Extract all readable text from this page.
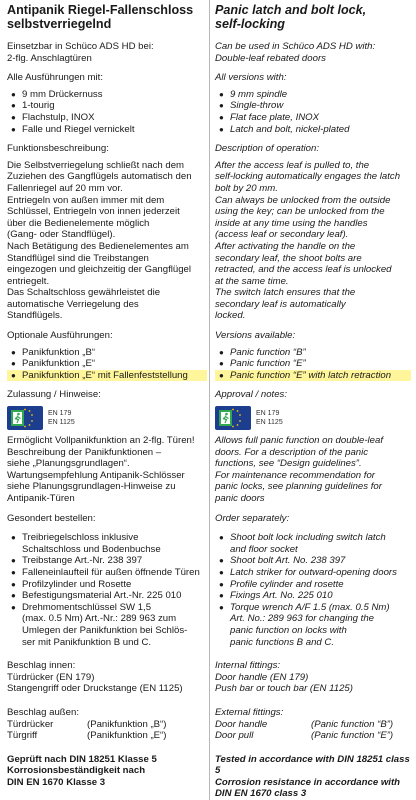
Antipanik Riegel-Fallenschloss
selbstverriegelnd

Einsetzbar in Schüco ADS HD bei:

2-flg. Anschlagtüren

Alle Ausführungen mit:

● 9 mm Drückernuss
● 1-tourig
● Flachstulp, INOX
● Falle und Riegel vernickelt

Funktionsbeschreibung:

Die Selbstverriegelung schließt nach dem

Zuziehen des Gangflügels automatisch den

Fallenriegel auf 20 mm vor.

Entriegeln von außen immer mit dem

Schlüssel, Entriegeln von innen jederzeit

über die Bedienelemente möglich

(Gang- oder Standflügel).

Nach Betätigung des Bedienelementes am

Standflügel sind die Treibstangen

eingezogen und gleichzeitig der Gangflügel

entriegelt.

Das Schaltschloss gewährleistet die

automatische Verriegelung des

Standflügels.

Optionale Ausführungen:

● Panikfunktion „B“
● Panikfunktion „E“
● Panikfunktion „E“ mit Fallenfeststellung

Zulassung / Hinweise:

EN 179
EN 1125

Ermöglicht Vollpanikfunktion an 2-flg. Türen!

Beschreibung der Panikfunktionen –

siehe „Planungsgrundlagen“.

Wartungsempfehlung Antipanik-Schlösser

siehe Planungsgrundlagen-Hinweise zu

Antipanik-Türen

Gesondert bestellen:

● Treibriegelschloss inklusive
Schaltschloss und Bodenbuchse
● Treibstange Art.-Nr. 238 397
● Falleneinlaufteil für außen öffnende Türen
● Profilzylinder und Rosette
● Befestigungsmaterial Art.-Nr. 225 010
● Drehmomentschlüssel SW 1,5
(max. 0.5 Nm) Art.-Nr.: 289 963 zum
Umlegen der Panikfunktion bei Schlös-
ser mit Panikfunktion B und C.

Beschlag innen:

Türdrücker (EN 179)

Stangengriff oder Druckstange (EN 1125)

Beschlag außen:

Türdrücker	(Panikfunktion „B“)
Türgriff	(Panikfunktion „E“)

Geprüft nach DIN 18251 Klasse 5

Korrosionsbeständigkeit nach

DIN EN 1670 Klasse 3

Panic latch and bolt lock,
self-locking

Can be used in Schüco ADS HD with:

Double-leaf rebated doors

All versions with:

● 9 mm spindle
● Single-throw
● Flat face plate, INOX
● Latch and bolt, nickel-plated

Description of operation:

After the access leaf is pulled to, the

self-locking automatically engages the latch

bolt by 20 mm.

Can always be unlocked from the outside

using the key; can be unlocked from the

inside at any time using the handles

(access leaf or secondary leaf).

After activating the handle on the

secondary leaf, the shoot bolts are

retracted, and the access leaf is unlocked

at the same time.

The switch latch ensures that the

secondary leaf is automatically

locked.

Versions available:

● Panic function “B”
● Panic function “E”
● Panic function “E” with latch retraction

Approval / notes:

EN 179
EN 1125

Allows full panic function on double-leaf

doors. For a description of the panic

functions, see “Design guidelines”.

For maintenance recommendation for

panic locks, see planning guidelines for

panic doors

Order separately:

● Shoot bolt lock including switch latch
and floor socket
● Shoot bolt Art. No. 238 397
● Latch striker for outward-opening doors
● Profile cylinder and rosette
● Fixings Art. No. 225 010
● Torque wrench A/F 1.5 (max. 0.5 Nm)
Art. No.: 289 963 for changing the
panic function on locks with
panic functions B and C.

Internal fittings:

Door handle (EN 179)

Push bar or touch bar (EN 1125)

External fittings:

Door handle	(Panic function “B”)
Door pull	(Panic function “E”)

Tested in accordance with DIN 18251 class 5

Corrosion resistance in accordance with

DIN EN 1670 class 3
